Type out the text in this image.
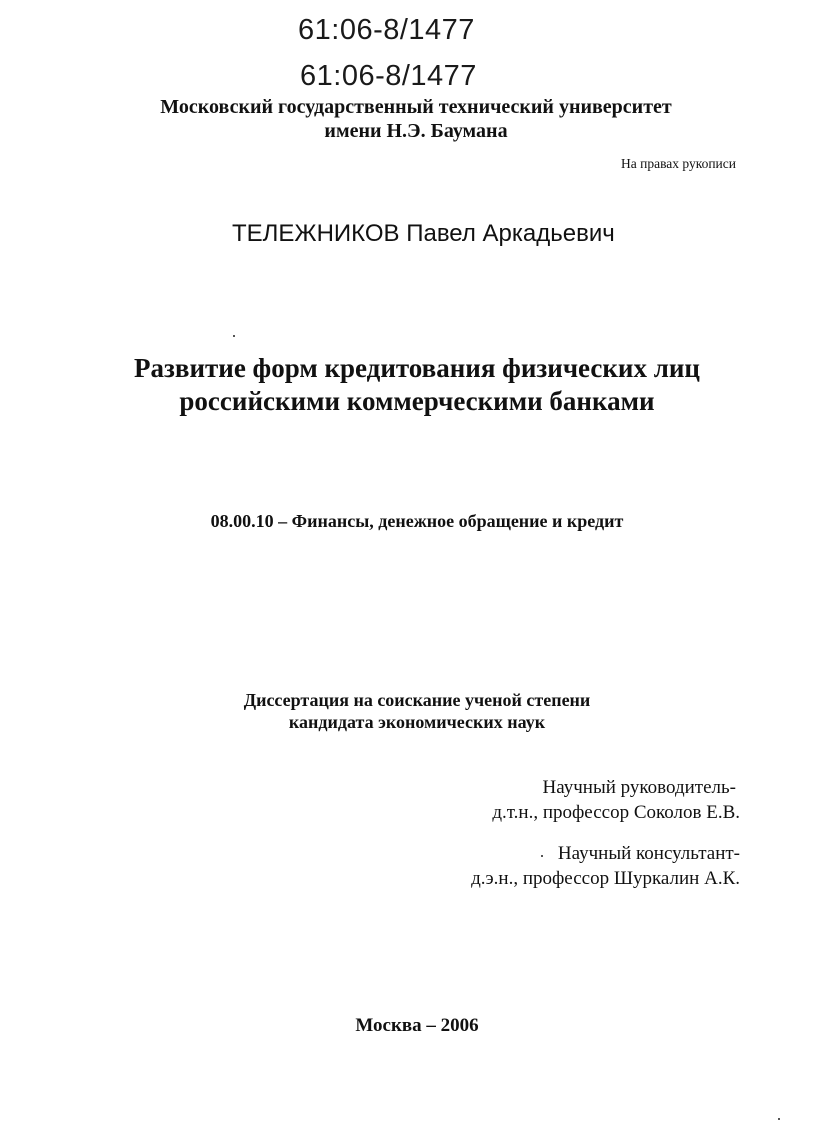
61:06-8/1477
61:06-8/1477
Московский государственный технический университет
имени Н.Э. Баумана
На правах рукописи
ТЕЛЕЖНИКОВ Павел Аркадьевич
Развитие форм кредитования физических лиц
российскими коммерческими банками
08.00.10 – Финансы, денежное обращение и кредит
Диссертация на соискание ученой степени
кандидата экономических наук
Научный руководитель-
д.т.н., профессор Соколов Е.В.
Научный консультант-
д.э.н., профессор Шуркалин А.К.
Москва – 2006
